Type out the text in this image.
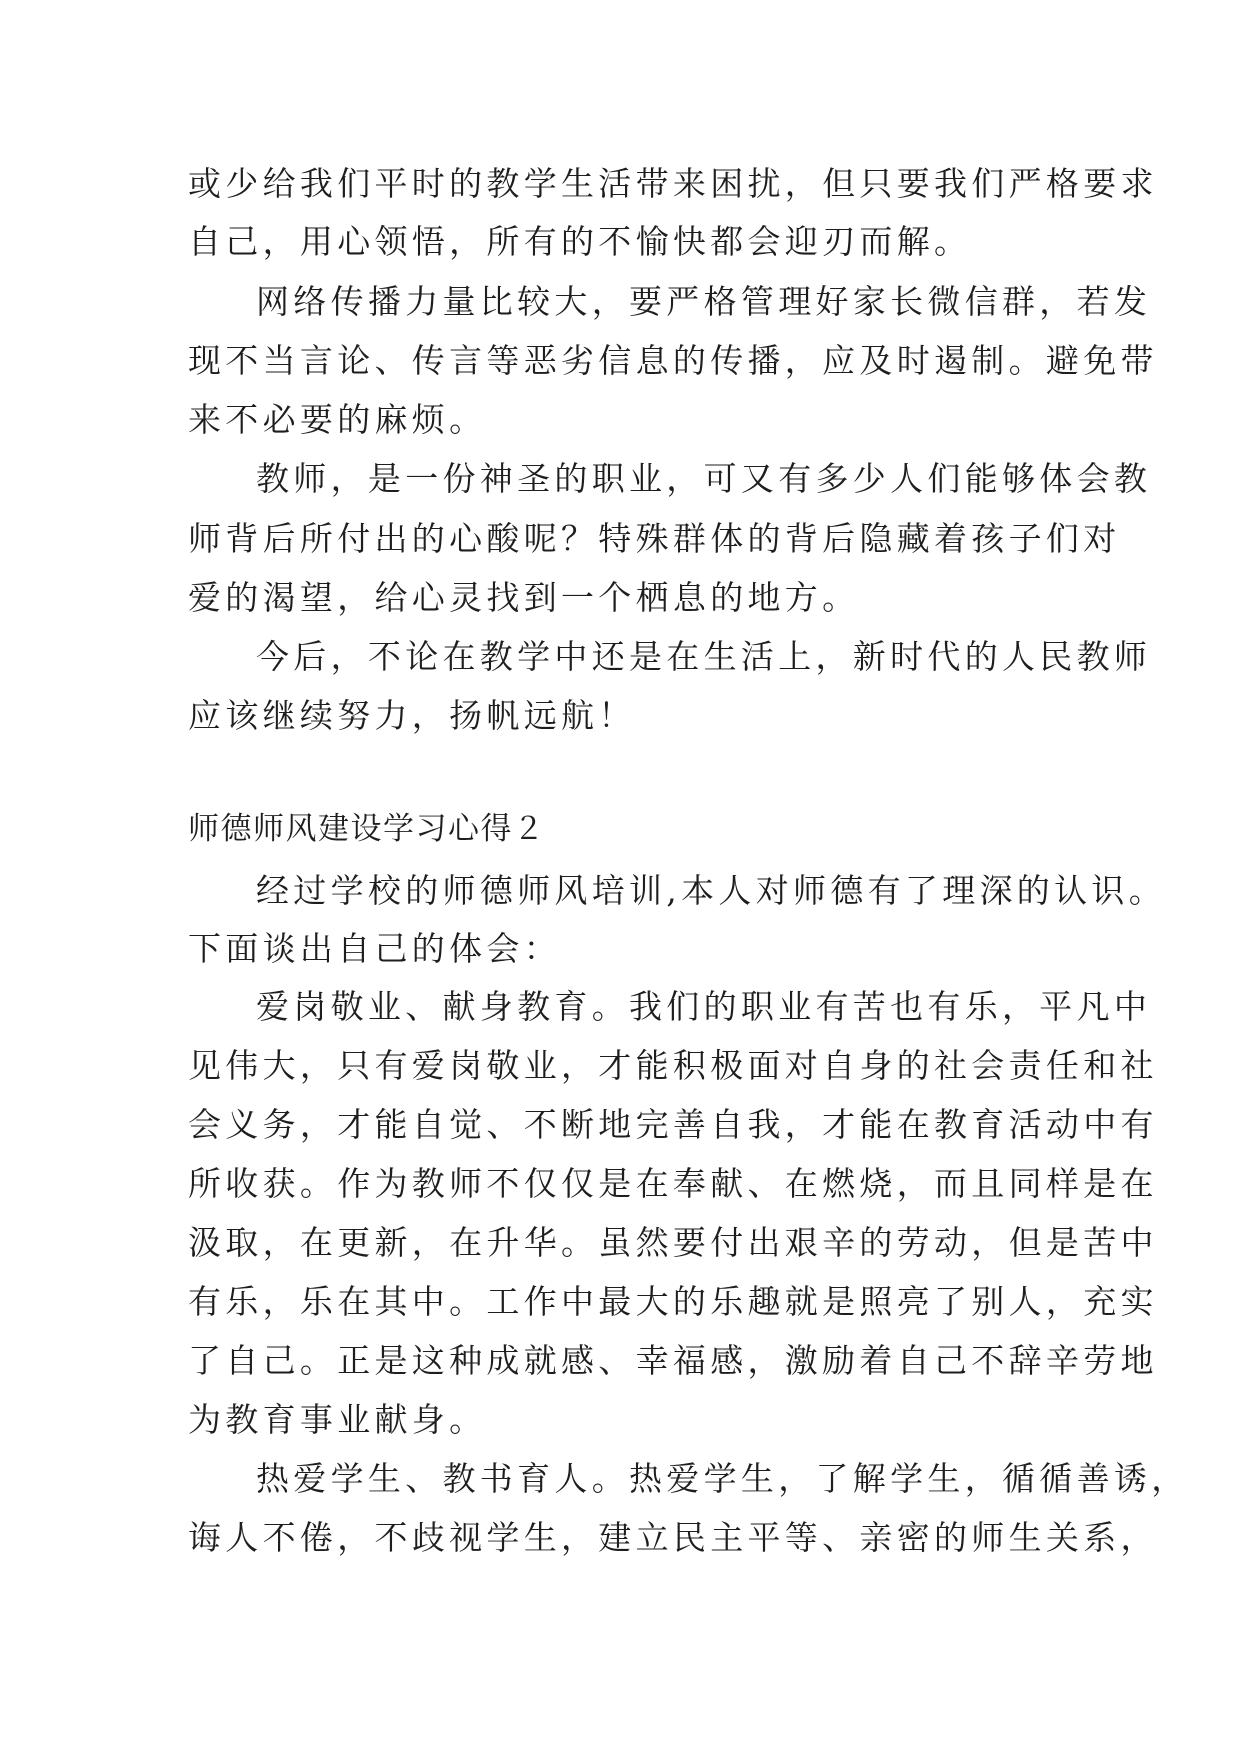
或少给我们平时的教学生活带来困扰，但只要我们严格要求
自己，用心领悟，所有的不愉快都会迎刃而解。
网络传播力量比较大，要严格管理好家长微信群，若发
现不当言论、传言等恶劣信息的传播，应及时遏制。避免带
来不必要的麻烦。
教师，是一份神圣的职业，可又有多少人们能够体会教
师背后所付出的心酸呢？特殊群体的背后隐藏着孩子们对
爱的渴望，给心灵找到一个栖息的地方。
今后，不论在教学中还是在生活上，新时代的人民教师
应该继续努力，扬帆远航！
师德师风建设学习心得２
经过学校的师德师风培训,本人对师德有了理深的认识。
下面谈出自己的体会：
爱岗敬业、献身教育。我们的职业有苦也有乐，平凡中
见伟大，只有爱岗敬业，才能积极面对自身的社会责任和社
会义务，才能自觉、不断地完善自我，才能在教育活动中有
所收获。作为教师不仅仅是在奉献、在燃烧，而且同样是在
汲取，在更新，在升华。虽然要付出艰辛的劳动，但是苦中
有乐，乐在其中。工作中最大的乐趣就是照亮了别人，充实
了自己。正是这种成就感、幸福感，激励着自己不辞辛劳地
为教育事业献身。
热爱学生、教书育人。热爱学生，了解学生，循循善诱，
诲人不倦，不歧视学生，建立民主平等、亲密的师生关系，
